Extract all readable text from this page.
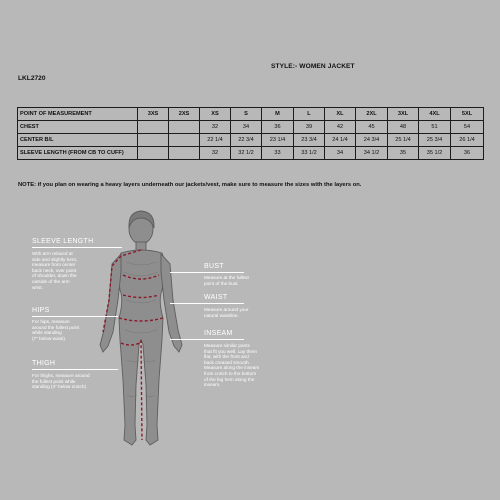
STYLE:- WOMEN JACKET
LKL2720
POINT OF MEASUREMENT	3XS	2XS	XS	S	M	L	XL	2XL	3XL	4XL	5XL
CHEST			32	34	36	39	42	45	48	51	54
CENTER B/L			22 1/4	22 3/4	23 1/4	23 3/4	24 1/4	24 3/4	25 1/4	25 3/4	26 1/4
SLEEVE LENGTH (FROM CB TO CUFF)			32	32 1/2	33	33 1/2	34	34 1/2	35	35 1/2	36
NOTE: if you plan on wearing a heavy layers underneath our jackets/vest, make sure to measure the sizes with the layers on.
SLEEVE LENGTH
With arm relaxed at
side and slightly bent,
measure from center
back neck, over point
of shoulder, down the
outside of the arm
wrist.
HIPS
For hips, measure
around the fullest point
while standing
(7" below waist).
THIGH
For thighs, measure around
the fullest point while
standing (4" below crotch)
BUST
Measure at the fullest
point of the bust.
WAIST
Measure around your
natural waistline.
INSEAM
Measure similar pants
that fit you well. Lay them
flat, with the front and
back creased smooth.
Measure along the inseam
from crotch to the bottom
of the leg hem along the
inseam.
